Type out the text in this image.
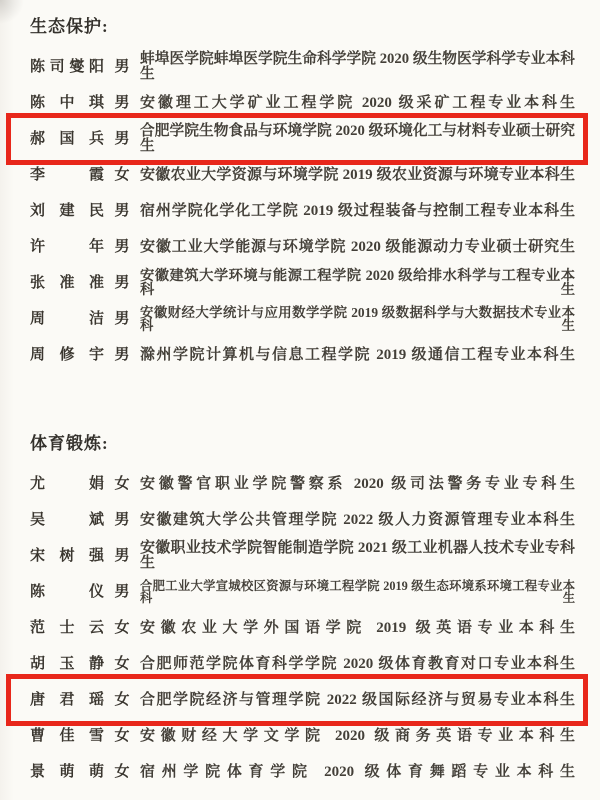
生态保护:
陈司燮阳 男 蚌埠医学院蚌埠医学院生命科学学院 2020 级生物医学科学专业本科生
陈中琪 男 安徽理工大学矿业工程学院 2020 级采矿工程专业本科生
郝国兵 男 合肥学院生物食品与环境学院 2020 级环境化工与材料专业硕士研究生
李霞 女 安徽农业大学资源与环境学院 2019 级农业资源与环境专业本科生
刘建民 男 宿州学院化学化工学院 2019 级过程装备与控制工程专业本科生
许年 男 安徽工业大学能源与环境学院 2020 级能源动力专业硕士研究生
张准准 男 安徽建筑大学环境与能源工程学院 2020 级给排水科学与工程专业本科生
周洁 男 安徽财经大学统计与应用数学学院 2019 级数据科学与大数据技术专业本科生
周修宇 男 滁州学院计算机与信息工程学院 2019 级通信工程专业本科生
体育锻炼:
尤娟 女 安徽警官职业学院警察系 2020 级司法警务专业专科生
吴斌 男 安徽建筑大学公共管理学院 2022 级人力资源管理专业本科生
宋树强 男 安徽职业技术学院智能制造学院 2021 级工业机器人技术专业专科生
陈仪 男 合肥工业大学宣城校区资源与环境工程学院 2019 级生态环境系环境工程专业本科生
范士云 女 安徽农业大学外国语学院 2019 级英语专业本科生
胡玉静 女 合肥师范学院体育科学学院 2020 级体育教育对口专业本科生
唐君瑶 女 合肥学院经济与管理学院 2022 级国际经济与贸易专业本科生
曹佳雪 女 安徽财经大学文学院 2020 级商务英语专业本科生
景萌萌 女 宿州学院体育学院 2020 级体育舞蹈专业本科生
